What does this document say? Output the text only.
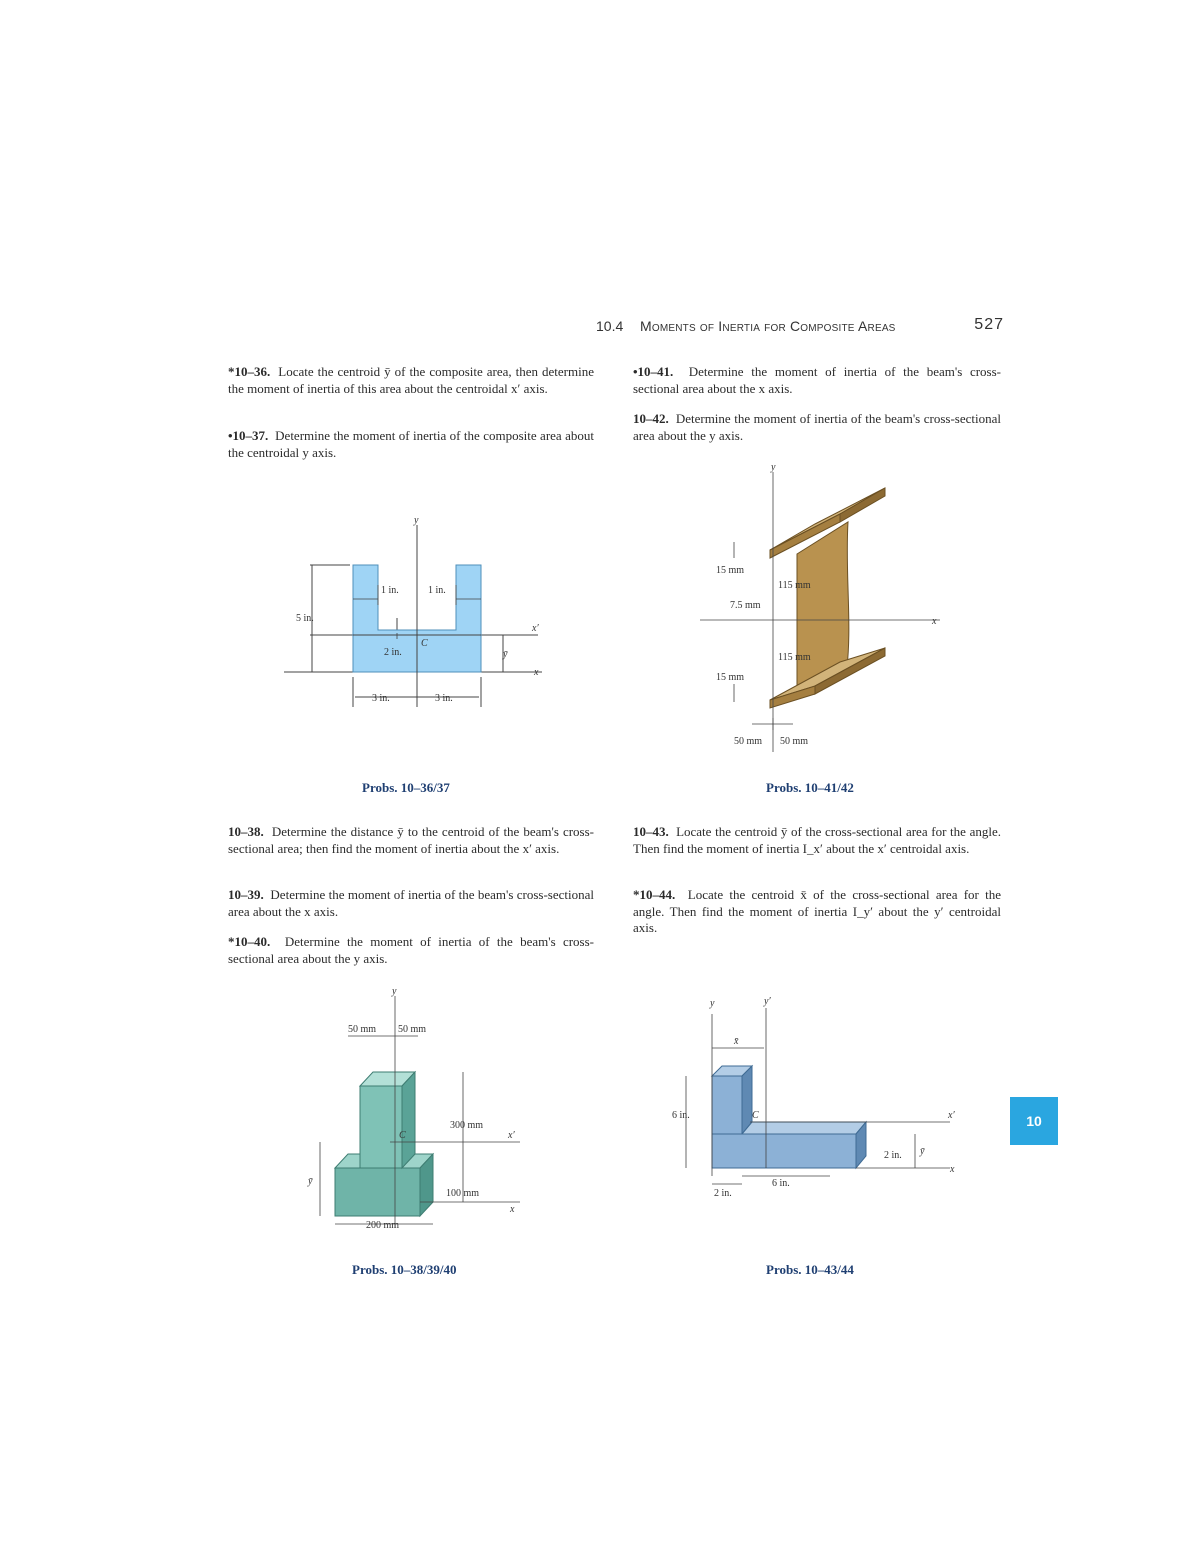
10.4 Moments of Inertia for Composite Areas	527
*10–36. Locate the centroid ȳ of the composite area, then determine the moment of inertia of this area about the centroidal x′ axis.
•10–37. Determine the moment of inertia of the composite area about the centroidal y axis.
•10–41. Determine the moment of inertia of the beam's cross-sectional area about the x axis.
10–42. Determine the moment of inertia of the beam's cross-sectional area about the y axis.
y
x′
x
C
ȳ
5 in.
1 in.	1 in.
2 in.
3 in.	3 in.
y
x
15 mm
115 mm
7.5 mm
115 mm
15 mm
50 mm 50 mm
Probs. 10–36/37	Probs. 10–41/42
10–38. Determine the distance ȳ to the centroid of the beam's cross-sectional area; then find the moment of inertia about the x′ axis.
10–39. Determine the moment of inertia of the beam's cross-sectional area about the x axis.
*10–40. Determine the moment of inertia of the beam's cross-sectional area about the y axis.
10–43. Locate the centroid ȳ of the cross-sectional area for the angle. Then find the moment of inertia I_x′ about the x′ centroidal axis.
*10–44. Locate the centroid x̄ of the cross-sectional area for the angle. Then find the moment of inertia I_y′ about the y′ centroidal axis.
y
x′
x
C
ȳ
50 mm 50 mm
300 mm
100 mm
200 mm
y	y′
x′
x
C
x̄
ȳ
6 in.
2 in.
6 in.
2 in.
Probs. 10–38/39/40	Probs. 10–43/44
10
